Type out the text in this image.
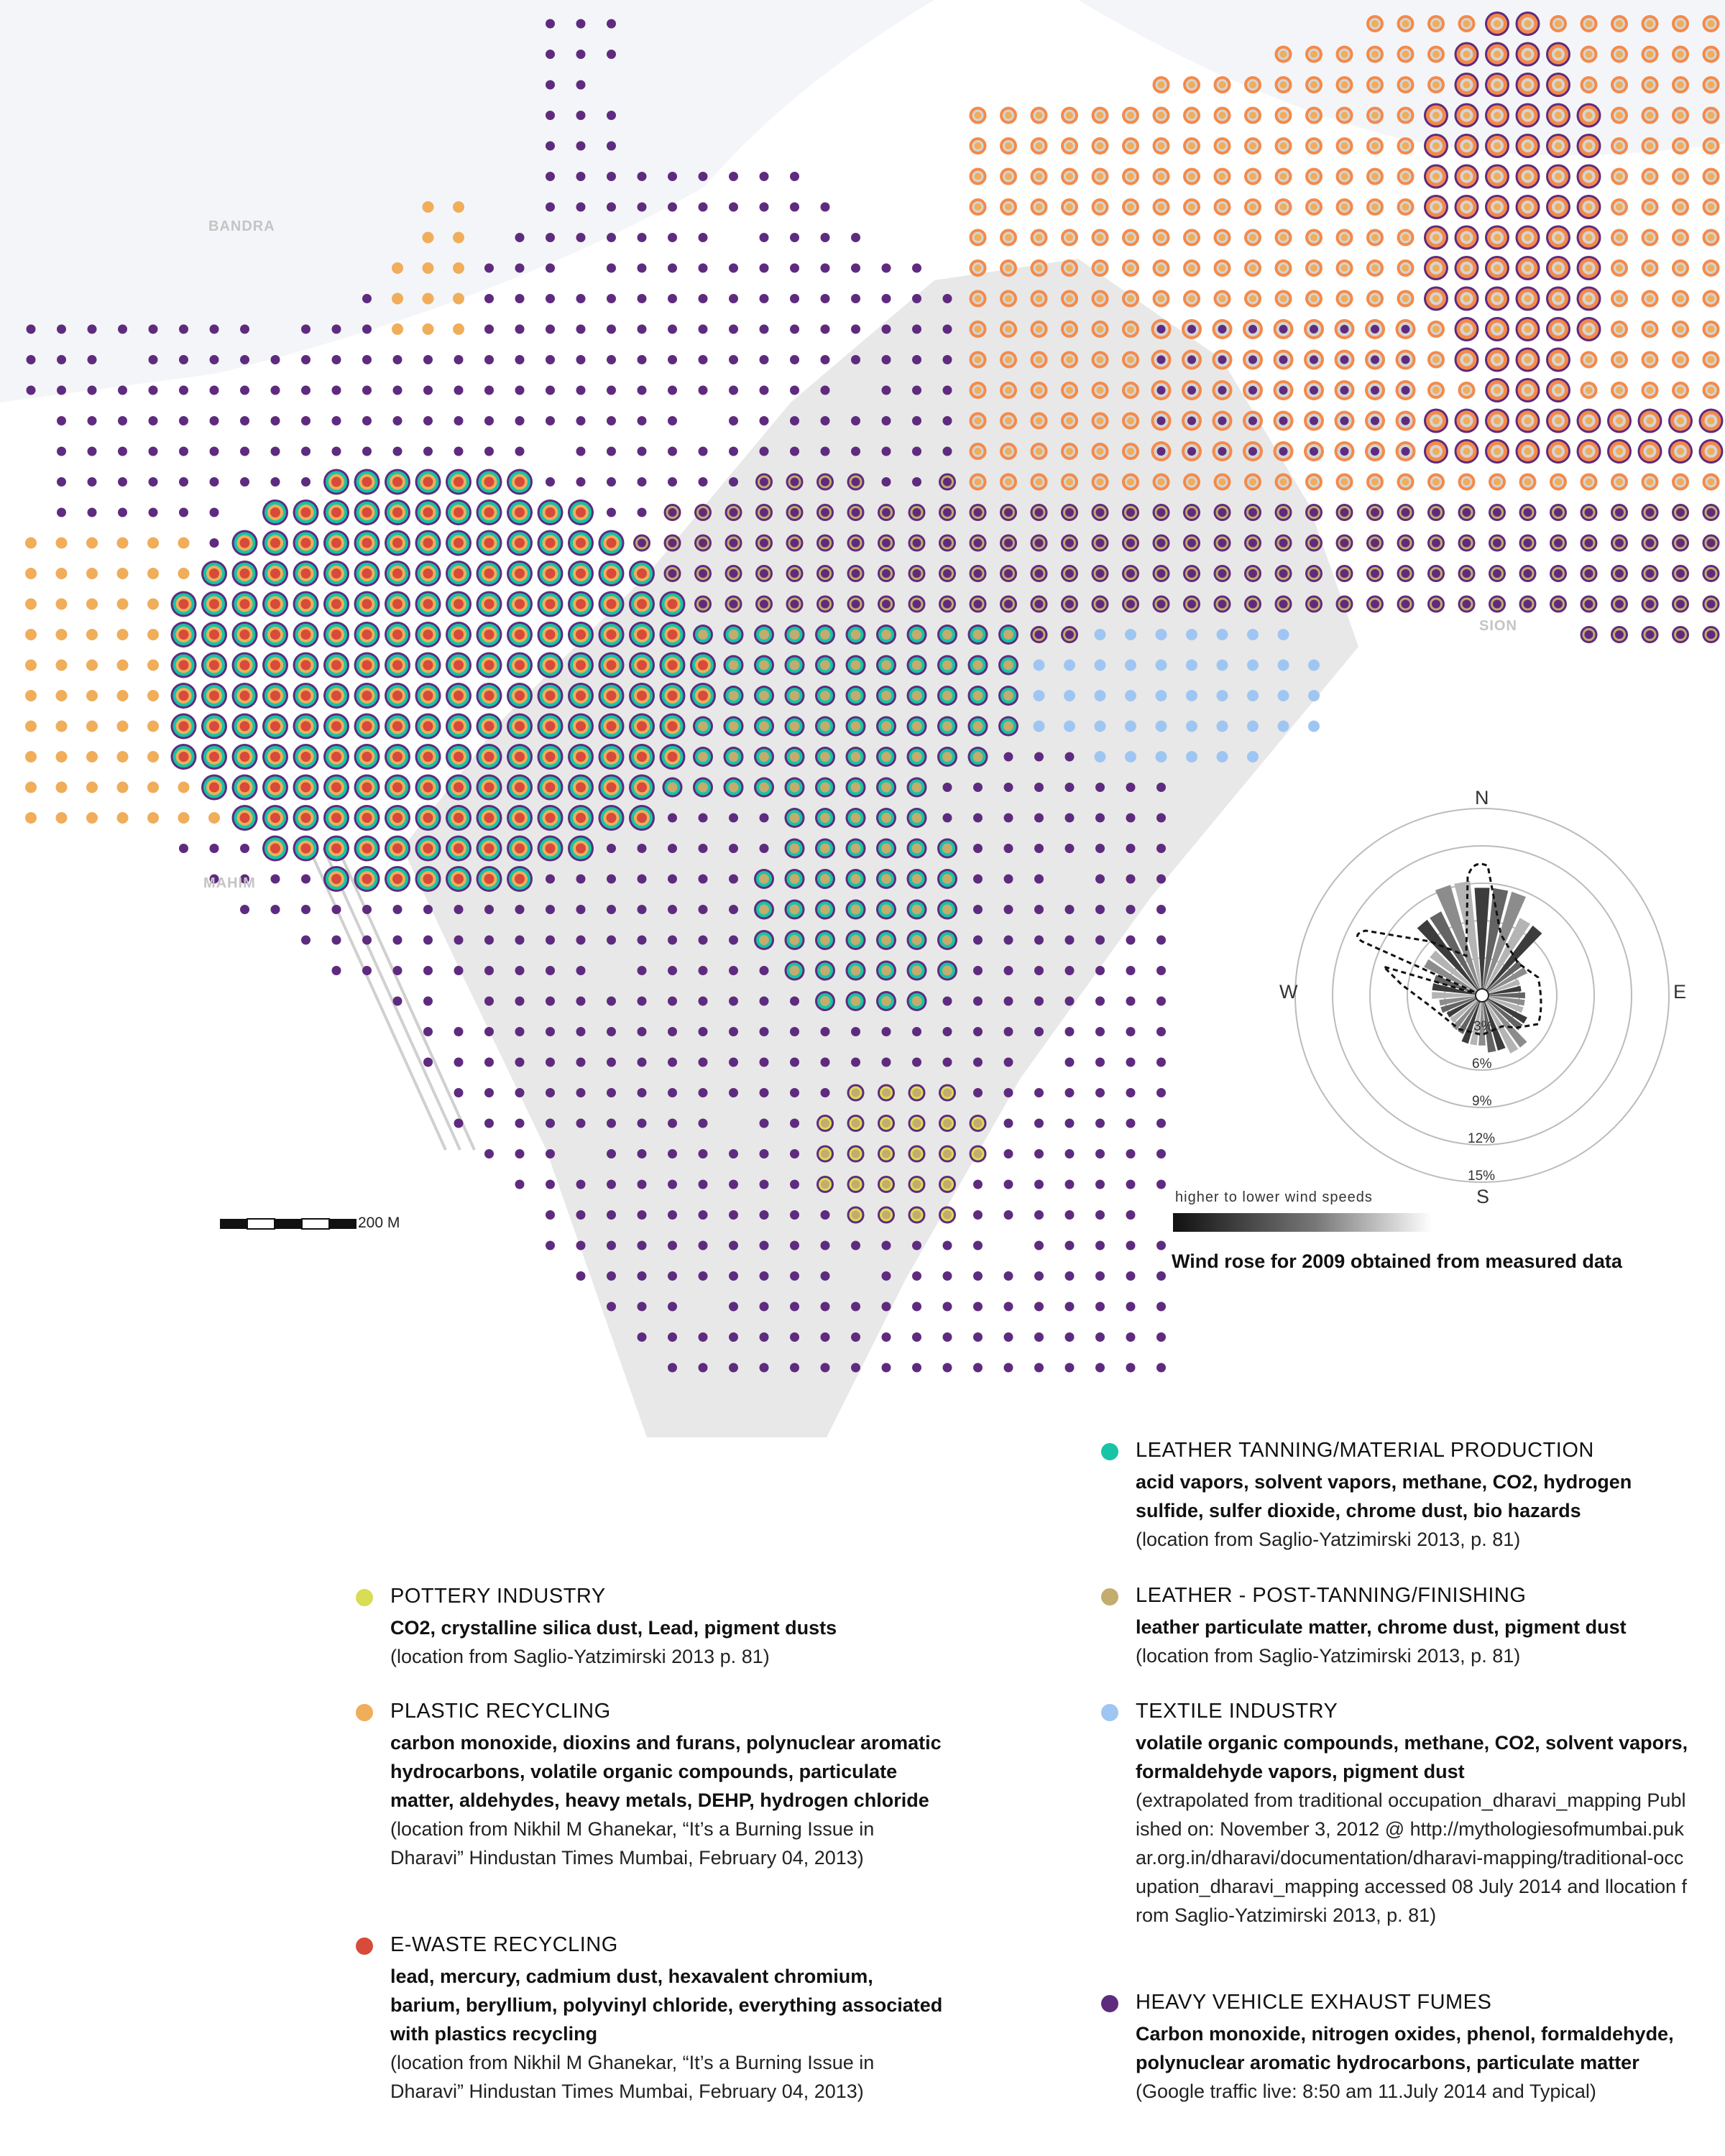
BANDRA
MAHIM
SION
200 M
N
E
S
W
3%
6%
9%
12%
15%
higher to lower wind speeds
Wind rose for 2009 obtained from measured data
LEATHER TANNING/MATERIAL PRODUCTION
acid vapors, solvent vapors, methane, CO2, hydrogen sulfide, sulfer dioxide, chrome dust, bio hazards
(location from Saglio-Yatzimirski 2013, p. 81)
LEATHER - POST-TANNING/FINISHING
leather particulate matter, chrome dust, pigment dust
(location from Saglio-Yatzimirski 2013, p. 81)
TEXTILE INDUSTRY
volatile organic compounds, methane, CO2, solvent vapors, formaldehyde vapors, pigment dust
(extrapolated from traditional occupation_dharavi_mapping Published on: November 3, 2012 @ http://mythologiesofmumbai.pukar.org.in/dharavi/documentation/dharavi-mapping/traditional-occupation_dharavi_mapping accessed 08 July 2014 and llocation from Saglio-Yatzimirski 2013, p. 81)
HEAVY VEHICLE EXHAUST FUMES
Carbon monoxide, nitrogen oxides, phenol, formaldehyde, polynuclear aromatic hydrocarbons, particulate matter
(Google traffic live: 8:50 am 11.July 2014 and Typical)
POTTERY INDUSTRY
CO2, crystalline silica dust, Lead, pigment dusts
(location from Saglio-Yatzimirski 2013 p. 81)
PLASTIC RECYCLING
carbon monoxide, dioxins and furans, polynuclear aromatic hydrocarbons, volatile organic compounds, particulate matter, aldehydes, heavy metals, DEHP, hydrogen chloride
(location from Nikhil M Ghanekar, “It’s a Burning Issue in Dharavi” Hindustan Times Mumbai, February 04, 2013)
E-WASTE RECYCLING
lead, mercury, cadmium dust, hexavalent chromium, barium, beryllium, polyvinyl chloride, everything associated with plastics recycling
(location from Nikhil M Ghanekar, “It’s a Burning Issue in Dharavi” Hindustan Times Mumbai, February 04, 2013)
